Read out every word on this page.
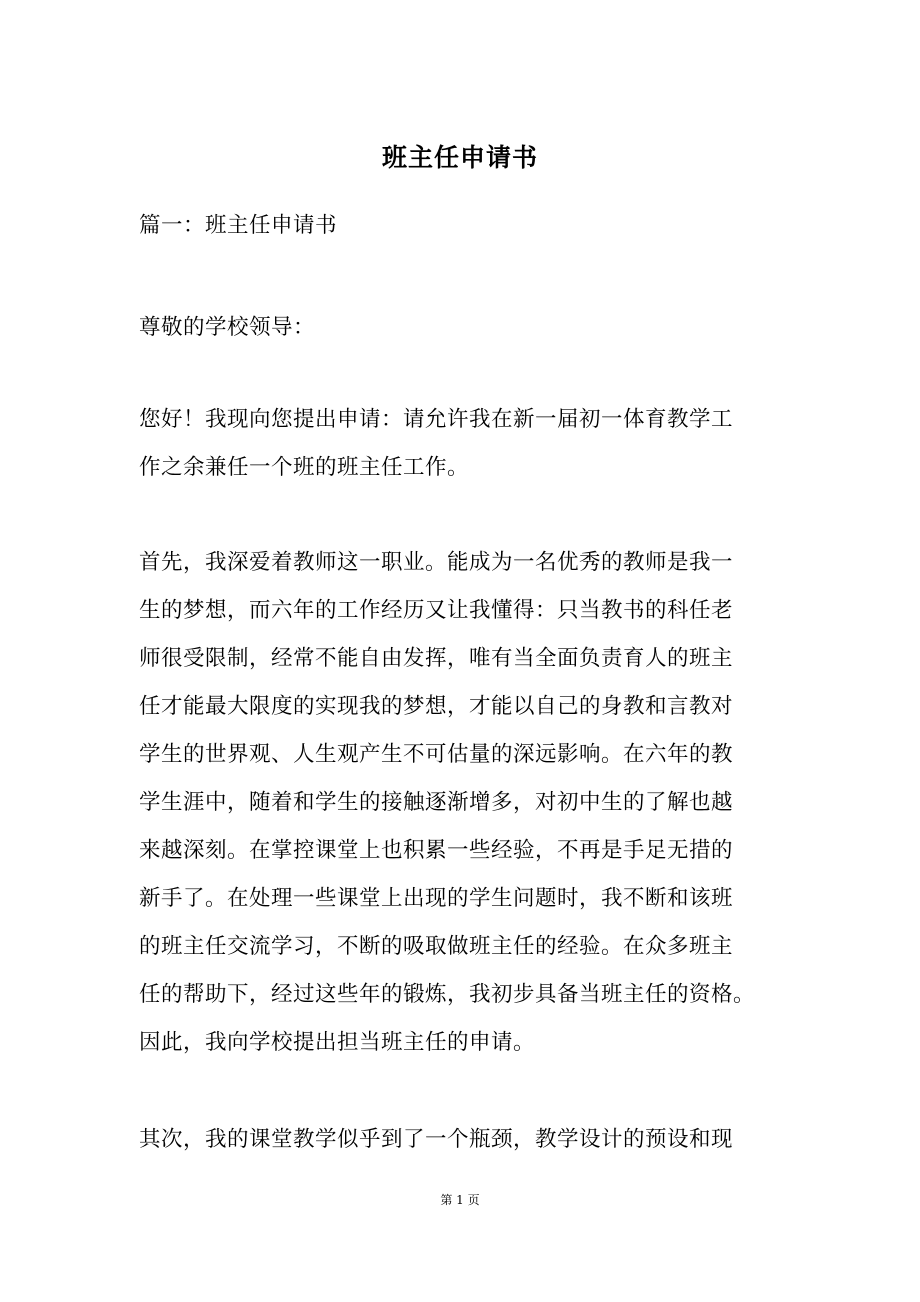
班主任申请书
篇一：班主任申请书
尊敬的学校领导：
您好！我现向您提出申请：请允许我在新一届初一体育教学工
作之余兼任一个班的班主任工作。
首先，我深爱着教师这一职业。能成为一名优秀的教师是我一
生的梦想，而六年的工作经历又让我懂得：只当教书的科任老
师很受限制，经常不能自由发挥，唯有当全面负责育人的班主
任才能最大限度的实现我的梦想，才能以自己的身教和言教对
学生的世界观、人生观产生不可估量的深远影响。在六年的教
学生涯中，随着和学生的接触逐渐增多，对初中生的了解也越
来越深刻。在掌控课堂上也积累一些经验，不再是手足无措的
新手了。在处理一些课堂上出现的学生问题时，我不断和该班
的班主任交流学习，不断的吸取做班主任的经验。在众多班主
任的帮助下，经过这些年的锻炼，我初步具备当班主任的资格。
因此，我向学校提出担当班主任的申请。
其次，我的课堂教学似乎到了一个瓶颈，教学设计的预设和现
第 1 页
